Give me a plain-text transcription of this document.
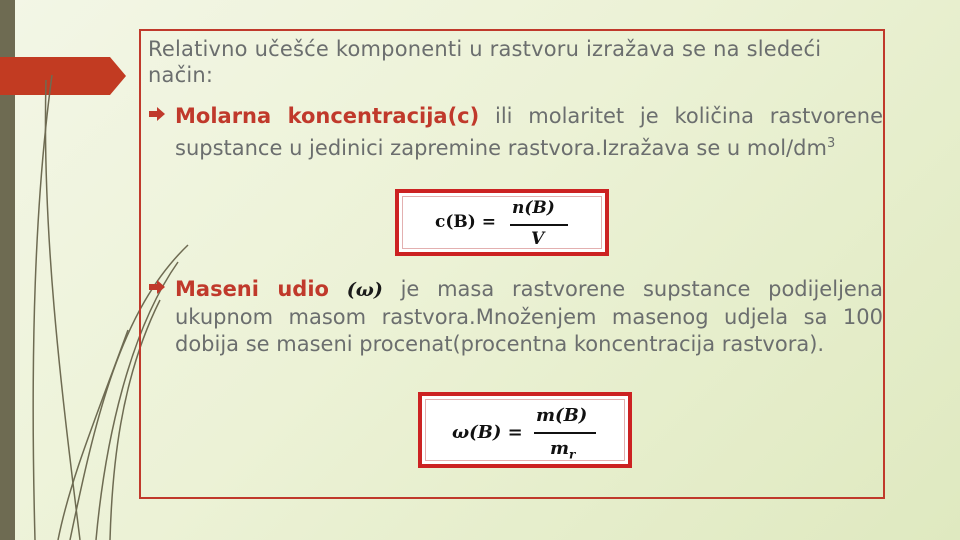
Relativno učešće komponenti u rastvoru izražava se na sledeći način:
Molarna koncentracija(c) ili molaritet je količina rastvorene supstance u jedinici zapremine rastvora.Izražava se u mol/$dm^3$
c(B) =
n(B)
V
Maseni udio (ω) je masa rastvorene supstance podijeljena ukupnom masom rastvora.Množenjem masenog udjela sa 100 dobija se maseni procenat(procentna koncentracija rastvora).
ω(B) =
m(B)
$m_r$
